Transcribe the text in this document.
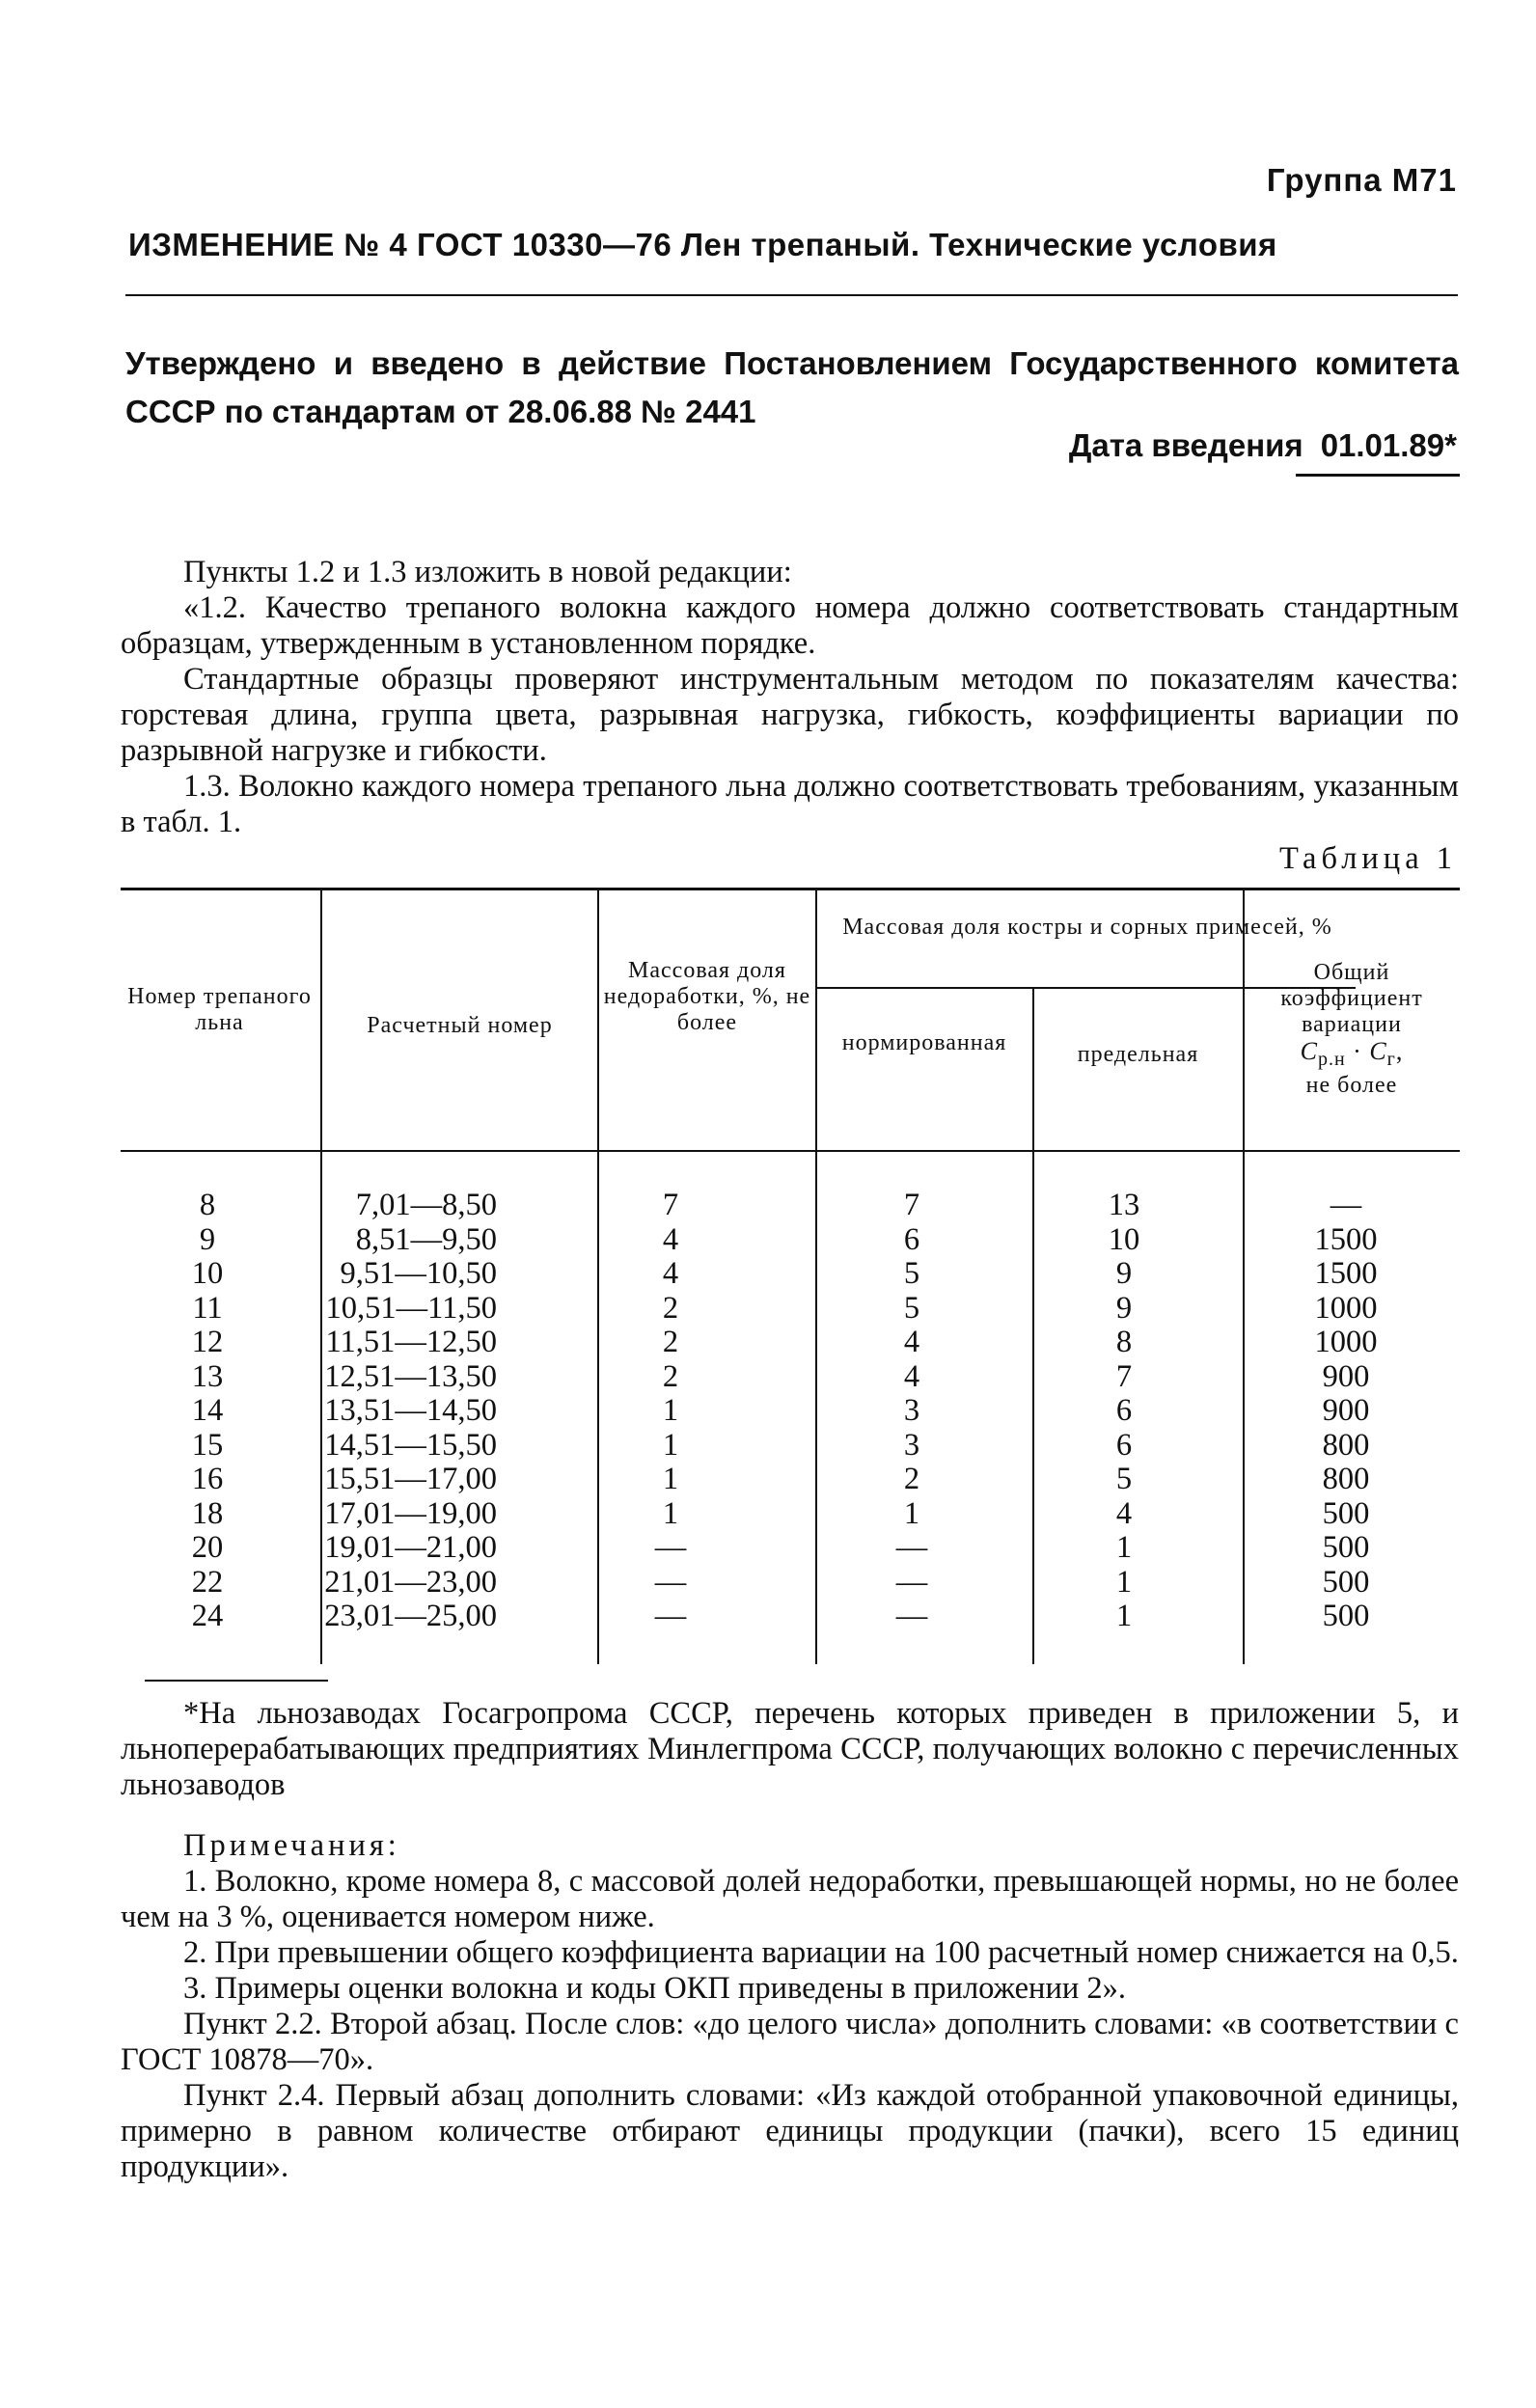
Группа М71
ИЗМЕНЕНИЕ № 4 ГОСТ 10330—76 Лен трепаный. Технические условия
Утверждено и введено в действие Постановлением Государственного комитета СССР по стандартам от 28.06.88 № 2441
Дата введения 01.01.89*

Пункты 1.2 и 1.3 изложить в новой редакции:

«1.2. Качество трепаного волокна каждого номера должно соответствовать стандартным образцам, утвержденным в установленном порядке.

Стандартные образцы проверяют инструментальным методом по показателям качества: горстевая длина, группа цвета, разрывная нагрузка, гибкость, коэффициенты вариации по разрывной нагрузке и гибкости.

1.3. Волокно каждого номера трепаного льна должно соответствовать требованиям, указанным в табл. 1.

Таблица 1
Номер трепаного льна	Расчетный номер
Массовая доля недоработки, %, не более
Массовая доля костры и сорных примесей, %
нормированная	предельная
Общий коэффициент вариации
$C_{р.н} \cdot C_г$,
не более
8
9
10
11
12
13
14
15
16
18
20
22
24
7,01—8,50
8,51—9,50
9,51—10,50
10,51—11,50
11,51—12,50
12,51—13,50
13,51—14,50
14,51—15,50
15,51—17,00
17,01—19,00
19,01—21,00
21,01—23,00
23,01—25,00
7
4
4
2
2
2
1
1
1
1
—
—
—
7
6
5
5
4
4
3
3
2
1
—
—
—
13
10
9
9
8
7
6
6
5
4
1
1
1
—
1500
1500
1000
1000
900
900
800
800
500
500
500
500

*На льнозаводах Госагропрома СССР, перечень которых приведен в приложении 5, и льноперерабатывающих предприятиях Минлегпрома СССР, получающих волокно с перечисленных льнозаводов

Примечания:

1. Волокно, кроме номера 8, с массовой долей недоработки, превышающей нормы, но не более чем на 3 %, оценивается номером ниже.

2. При превышении общего коэффициента вариации на 100 расчетный номер снижается на 0,5.

3. Примеры оценки волокна и коды ОКП приведены в приложении 2».

Пункт 2.2. Второй абзац. После слов: «до целого числа» дополнить словами: «в соответствии с ГОСТ 10878—70».

Пункт 2.4. Первый абзац дополнить словами: «Из каждой отобранной упаковочной единицы, примерно в равном количестве отбирают единицы продукции (пачки), всего 15 единиц продукции».
